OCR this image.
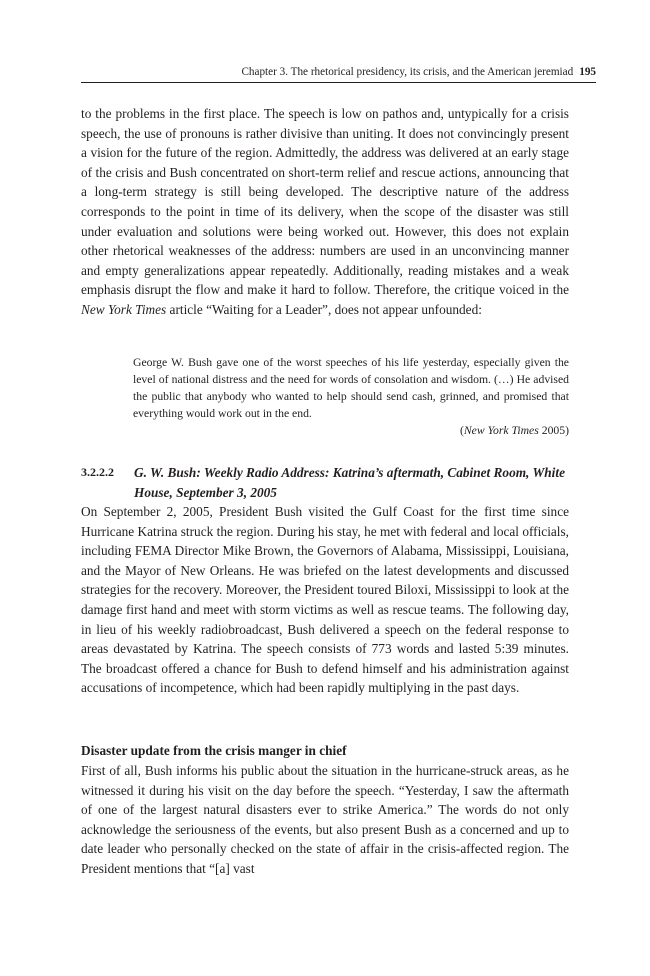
Chapter 3. The rhetorical presidency, its crisis, and the American jeremiad 195

to the problems in the first place. The speech is low on pathos and, untypically for a crisis speech, the use of pronouns is rather divisive than uniting. It does not convincingly present a vision for the future of the region. Admittedly, the address was delivered at an early stage of the crisis and Bush concentrated on short-term relief and rescue actions, announcing that a long-term strategy is still being developed. The descriptive nature of the address corresponds to the point in time of its delivery, when the scope of the disaster was still under evaluation and solutions were being worked out. However, this does not explain other rhetorical weaknesses of the address: numbers are used in an unconvincing manner and empty generalizations appear repeatedly. Additionally, reading mistakes and a weak emphasis disrupt the flow and make it hard to follow. Therefore, the critique voiced in the New York Times article “Waiting for a Leader”, does not appear unfounded:

George W. Bush gave one of the worst speeches of his life yesterday, especially given the level of national distress and the need for words of consolation and wisdom. (…) He advised the public that anybody who wanted to help should send cash, grinned, and promised that everything would work out in the end.
(New York Times 2005)

3.2.2.2 G. W. Bush: Weekly Radio Address: Katrina’s aftermath, Cabinet Room, White House, September 3, 2005

On September 2, 2005, President Bush visited the Gulf Coast for the first time since Hurricane Katrina struck the region. During his stay, he met with federal and local officials, including FEMA Director Mike Brown, the Governors of Alabama, Mississippi, Louisiana, and the Mayor of New Orleans. He was briefed on the latest developments and discussed strategies for the recovery. Moreover, the President toured Biloxi, Mississippi to look at the damage first hand and meet with storm victims as well as rescue teams. The following day, in lieu of his weekly radiobroadcast, Bush delivered a speech on the federal response to areas devastated by Katrina. The speech consists of 773 words and lasted 5:39 minutes. The broadcast offered a chance for Bush to defend himself and his administration against accusations of incompetence, which had been rapidly multiplying in the past days.

Disaster update from the crisis manger in chief

First of all, Bush informs his public about the situation in the hurricane-struck areas, as he witnessed it during his visit on the day before the speech. “Yesterday, I saw the aftermath of one of the largest natural disasters ever to strike America.” The words do not only acknowledge the seriousness of the events, but also present Bush as a concerned and up to date leader who personally checked on the state of affair in the crisis-affected region. The President mentions that “[a] vast
